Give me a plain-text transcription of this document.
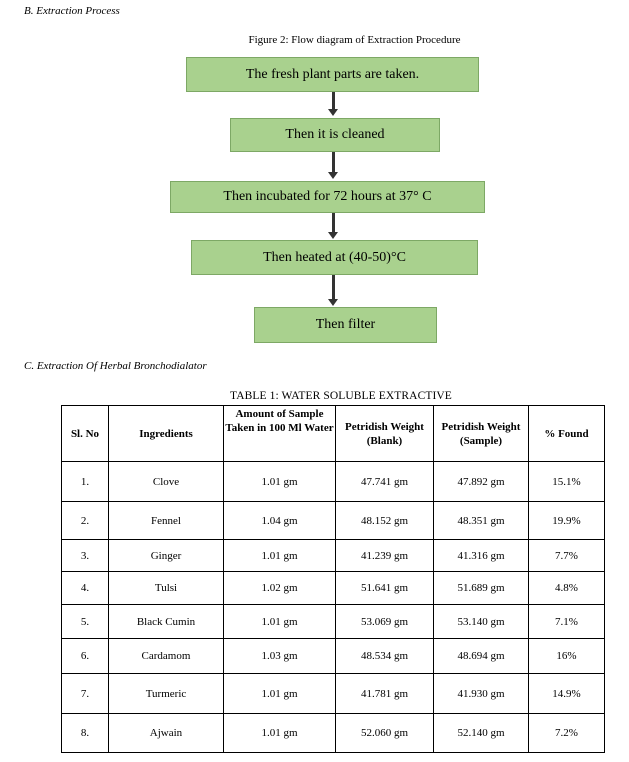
B. Extraction Process
Figure 2: Flow diagram of Extraction Procedure
The fresh plant parts are taken.
Then it is cleaned
Then incubated for 72 hours at 37° C
Then heated at (40-50)°C
Then filter
C. Extraction Of Herbal Bronchodialator
TABLE 1: WATER SOLUBLE EXTRACTIVE
Sl. No	Ingredients	Amount of Sample Taken in 100 Ml Water	Petridish Weight (Blank)	Petridish Weight (Sample)	% Found
1.	Clove	1.01 gm	47.741 gm	47.892 gm	15.1%
2.	Fennel	1.04 gm	48.152 gm	48.351 gm	19.9%
3.	Ginger	1.01 gm	41.239 gm	41.316 gm	7.7%
4.	Tulsi	1.02 gm	51.641 gm	51.689 gm	4.8%
5.	Black Cumin	1.01 gm	53.069 gm	53.140 gm	7.1%
6.	Cardamom	1.03 gm	48.534 gm	48.694 gm	16%
7.	Turmeric	1.01 gm	41.781 gm	41.930 gm	14.9%
8.	Ajwain	1.01 gm	52.060 gm	52.140 gm	7.2%
